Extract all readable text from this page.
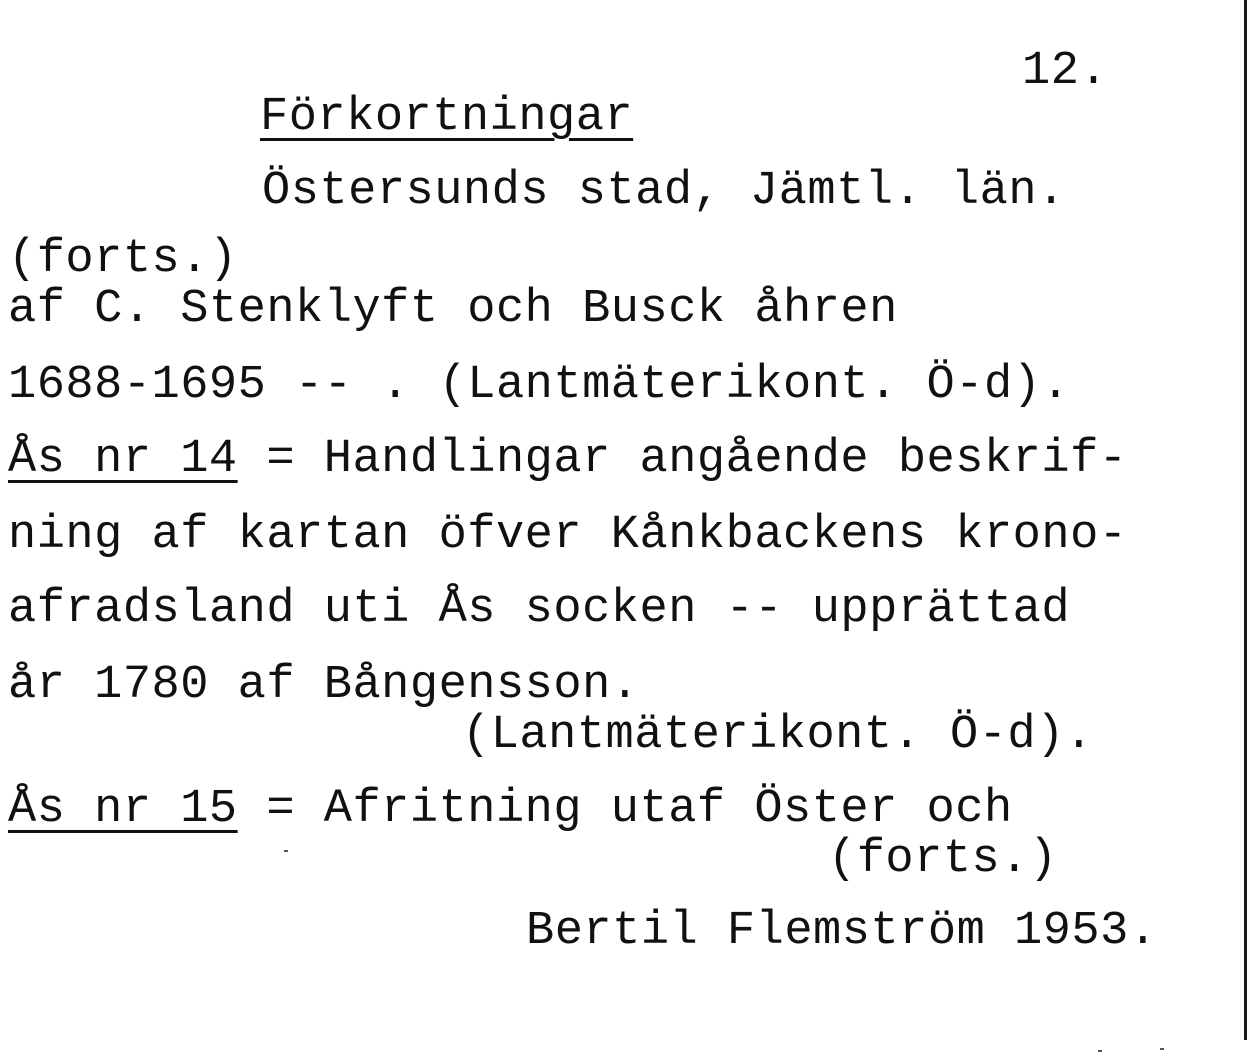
12.
Förkortningar
Östersunds stad, Jämtl. län.
(forts.)
af C. Stenklyft och Busck åhren
1688-1695 -- . (Lantmäterikont. Ö-d).
Ås nr 14 = Handlingar angående beskrif-
ning af kartan öfver Kånkbackens krono-
afradsland uti Ås socken -- upprättad
år 1780 af Bångensson.
(Lantmäterikont. Ö-d).
Ås nr 15 = Afritning utaf Öster och
(forts.)
Bertil Flemström 1953.
